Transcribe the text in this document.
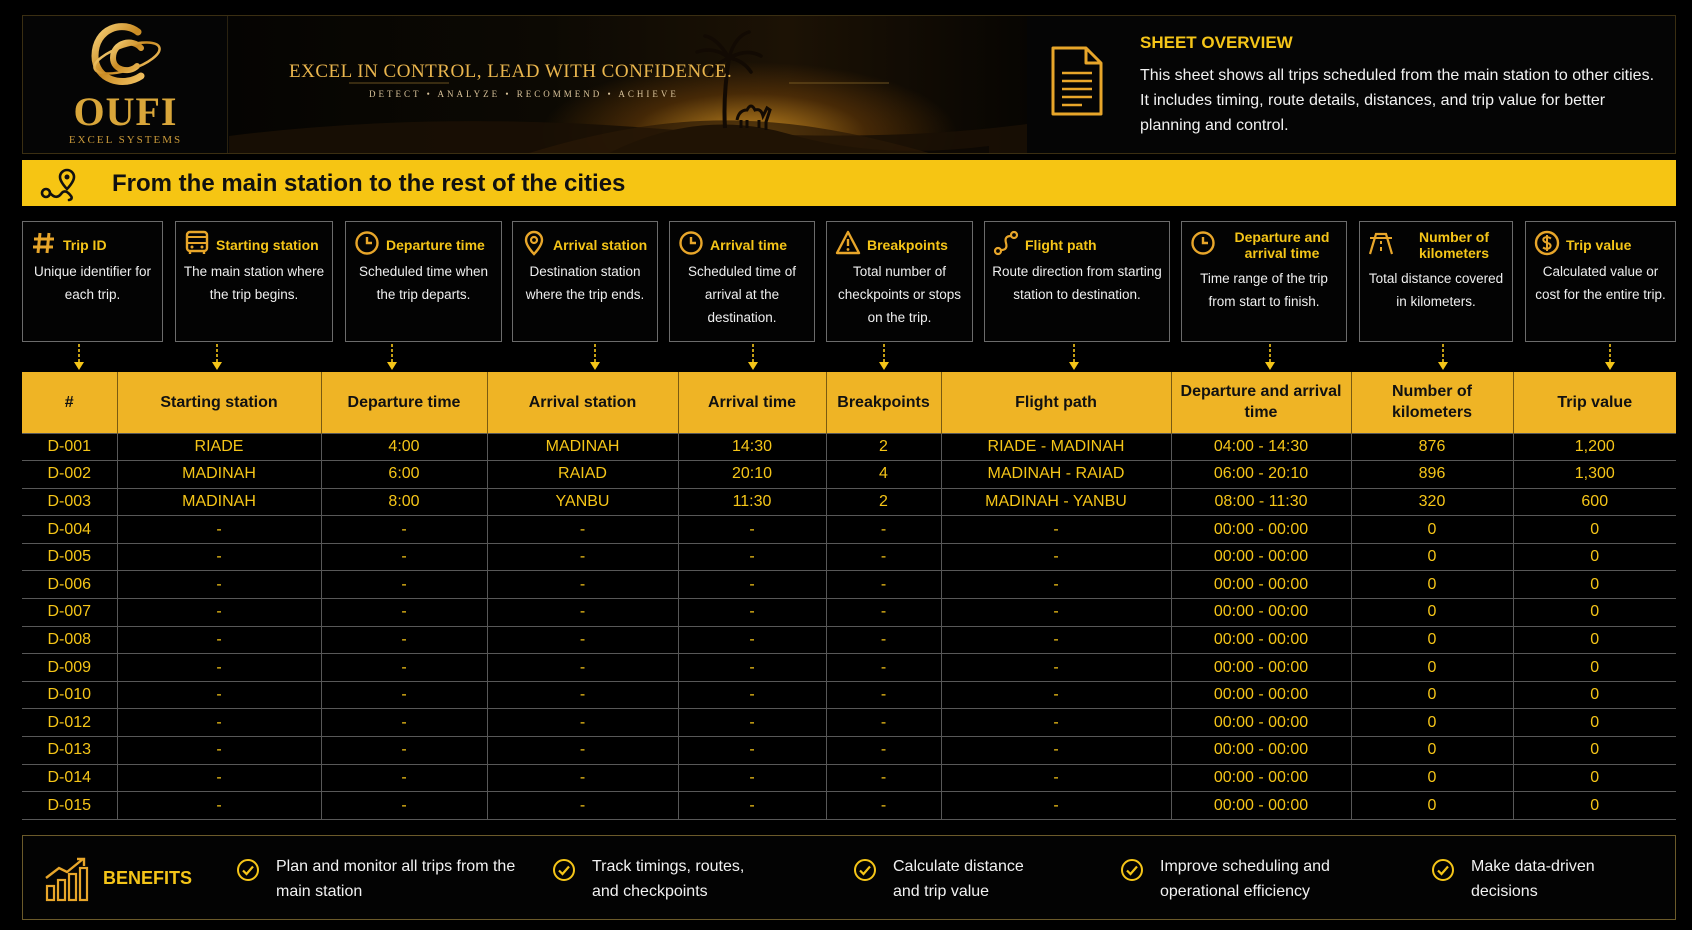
OUFI
EXCEL SYSTEMS
EXCEL IN CONTROL, LEAD WITH CONFIDENCE.
DETECT • ANALYZE • RECOMMEND • ACHIEVE
SHEET OVERVIEW
This sheet shows all trips scheduled from the main station to other cities. It includes timing, route details, distances, and trip value for better planning and control.
From the main station to the rest of the cities
Trip ID
Unique identifier for each trip.
Starting station
The main station where the trip begins.
Departure time
Scheduled time when the trip departs.
Arrival station
Destination station where the trip ends.
Arrival time
Scheduled time of arrival at the destination.
Breakpoints
Total number of checkpoints or stops on the trip.
Flight path
Route direction from starting station to destination.
Departure and arrival time
Time range of the trip from start to finish.
Number of kilometers
Total distance covered in kilometers.
Trip value
Calculated value or cost for the entire trip.
#	Starting station	Departure time	Arrival station	Arrival time	Breakpoints	Flight path	Departure and arrival time	Number of kilometers	Trip value
D-001	RIADE	4:00	MADINAH	14:30	2	RIADE - MADINAH	04:00 - 14:30	876	1,200
D-002	MADINAH	6:00	RAIAD	20:10	4	MADINAH - RAIAD	06:00 - 20:10	896	1,300
D-003	MADINAH	8:00	YANBU	11:30	2	MADINAH - YANBU	08:00 - 11:30	320	600
D-004	-	-	-	-	-	-	00:00 - 00:00	0	0
D-005	-	-	-	-	-	-	00:00 - 00:00	0	0
D-006	-	-	-	-	-	-	00:00 - 00:00	0	0
D-007	-	-	-	-	-	-	00:00 - 00:00	0	0
D-008	-	-	-	-	-	-	00:00 - 00:00	0	0
D-009	-	-	-	-	-	-	00:00 - 00:00	0	0
D-010	-	-	-	-	-	-	00:00 - 00:00	0	0
D-012	-	-	-	-	-	-	00:00 - 00:00	0	0
D-013	-	-	-	-	-	-	00:00 - 00:00	0	0
D-014	-	-	-	-	-	-	00:00 - 00:00	0	0
D-015	-	-	-	-	-	-	00:00 - 00:00	0	0
BENEFITS
Plan and monitor all trips from the main station
Track timings, routes, and checkpoints
Calculate distance and trip value
Improve scheduling and operational efficiency
Make data-driven decisions
